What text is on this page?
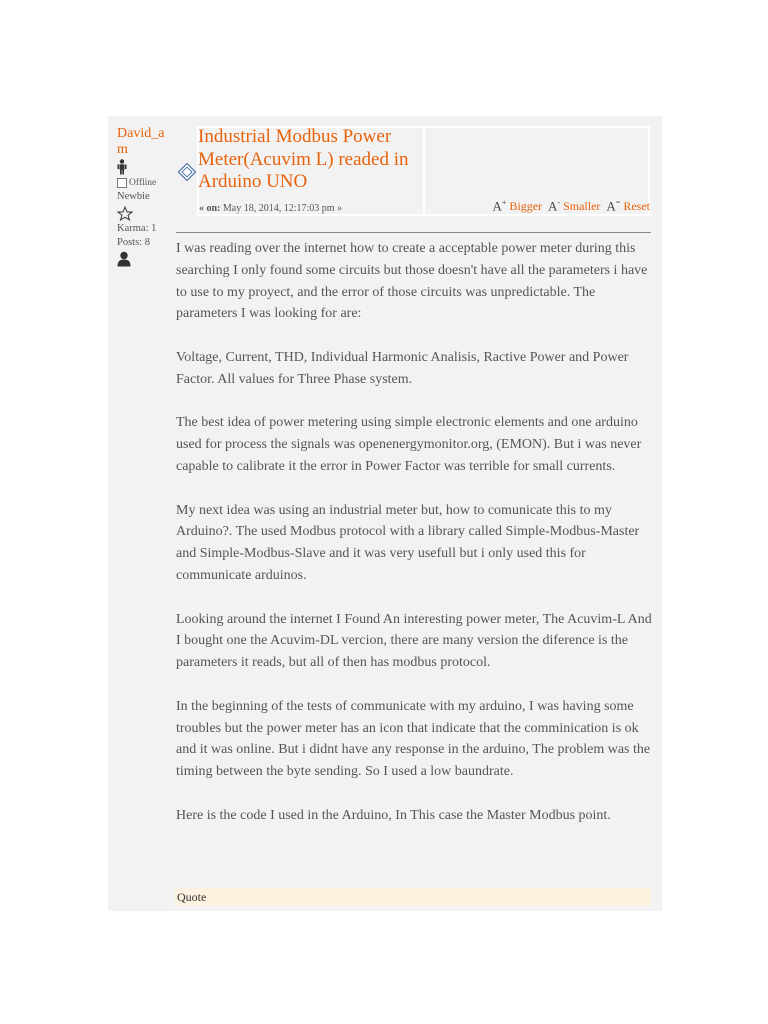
David_am
Offline
Newbie
Karma: 1
Posts: 8
Industrial Modbus Power Meter(Acuvim L) readed in Arduino UNO
« on: May 18, 2014, 12:17:03 pm »	A+ Bigger A- Smaller A= Reset

I was reading over the internet how to create a acceptable power meter during this searching I only found some circuits but those doesn't have all the parameters i have to use to my proyect, and the error of those circuits was unpredictable. The parameters I was looking for are:

Voltage, Current, THD, Individual Harmonic Analisis, Ractive Power and Power Factor. All values for Three Phase system.

The best idea of power metering using simple electronic elements and one arduino used for process the signals was openenergymonitor.org, (EMON). But i was never capable to calibrate it the error in Power Factor was terrible for small currents.

My next idea was using an industrial meter but, how to comunicate this to my Arduino?. The used Modbus protocol with a library called Simple-Modbus-Master and Simple-Modbus-Slave and it was very usefull but i only used this for communicate arduinos.

Looking around the internet I Found An interesting power meter, The Acuvim-L And I bought one the Acuvim-DL vercion, there are many version the diference is the parameters it reads, but all of then has modbus protocol.

In the beginning of the tests of communicate with my arduino, I was having some troubles but the power meter has an icon that indicate that the comminication is ok and it was online. But i didnt have any response in the arduino, The problem was the timing between the byte sending. So I used a low baundrate.

Here is the code I used in the Arduino, In This case the Master Modbus point.

Quote
